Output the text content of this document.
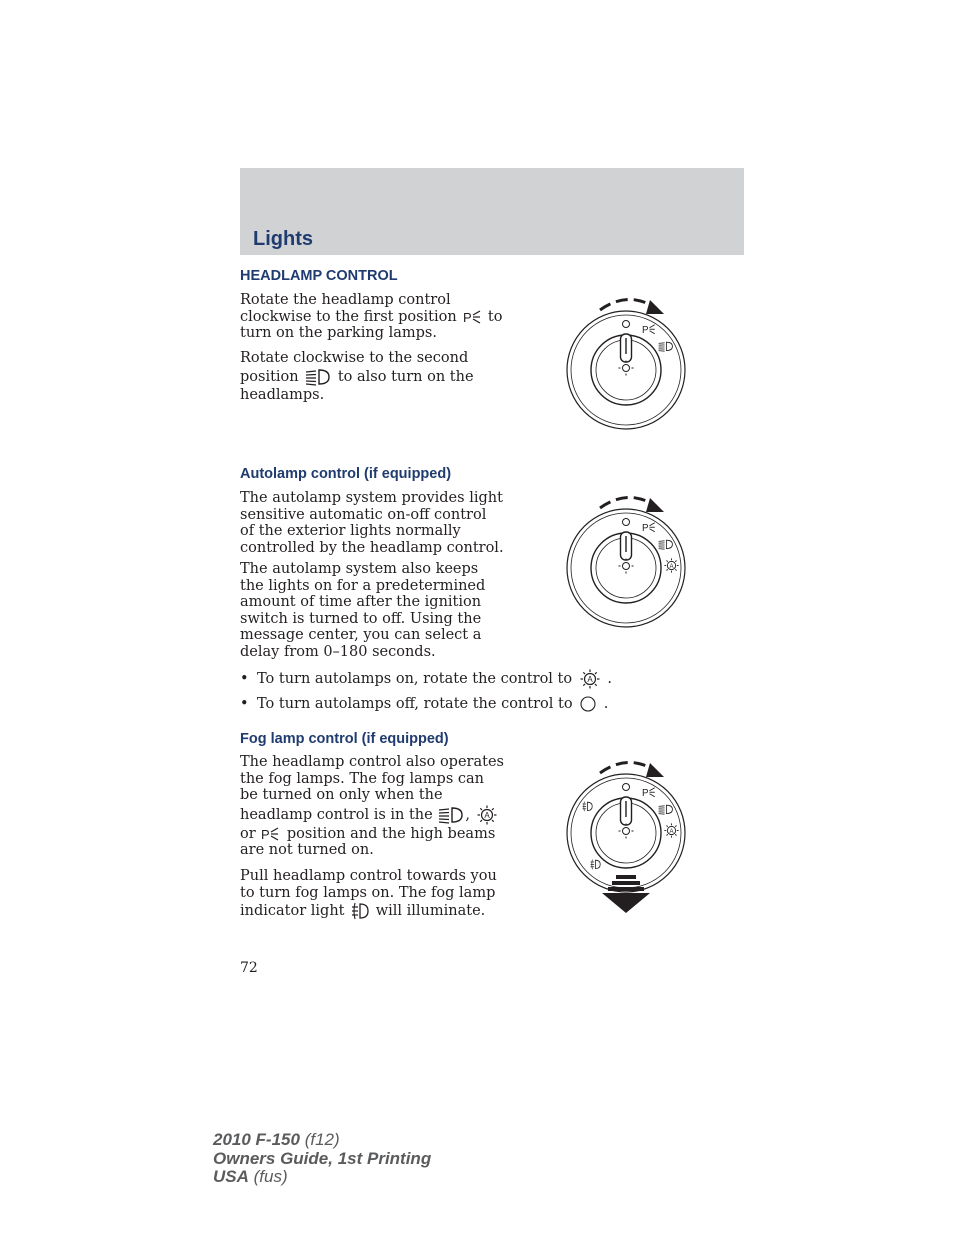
Lights
HEADLAMP CONTROL
Rotate the headlamp control clockwise to the first position to turn on the parking lamps.
Rotate clockwise to the second position	to also turn on the headlamps.
Autolamp control (if equipped)
The autolamp system provides light sensitive automatic on-off control of the exterior lights normally controlled by the headlamp control.
The autolamp system also keeps the lights on for a predetermined amount of time after the ignition switch is turned to off. Using the message center, you can select a delay from 0–180 seconds.
• To turn autolamps on, rotate the control to .
• To turn autolamps off, rotate the control to .
Fog lamp control (if equipped)
The headlamp control also operates the fog lamps. The fog lamps can be turned on only when the headlamp control is in the ,  or position and the high beams are not turned on.
Pull headlamp control towards you to turn fog lamps on. The fog lamp indicator light will illuminate.
72
2010 F-150 (f12)
Owners Guide, 1st Printing
USA (fus)
